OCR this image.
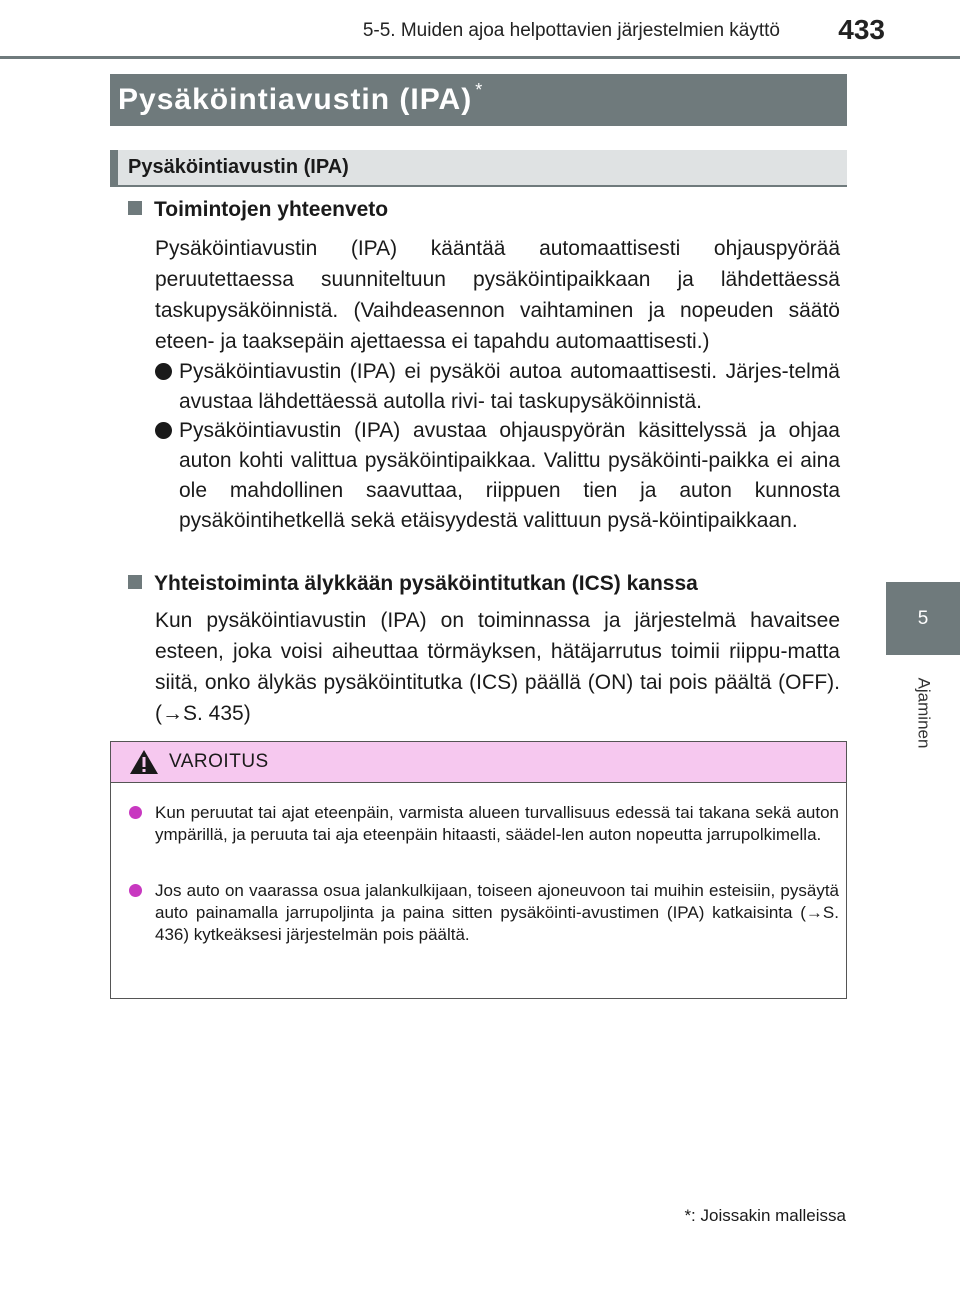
5-5. Muiden ajoa helpottavien järjestelmien käyttö	433
5
Ajaminen
Pysäköintiavustin (IPA) *
Pysäköintiavustin (IPA)
Toimintojen yhteenveto
Pysäköintiavustin (IPA) kääntää automaattisesti ohjauspyörää peruutettaessa suunniteltuun pysäköintipaikkaan ja lähdettäessä taskupysäköinnistä. (Vaihdeasennon vaihtaminen ja nopeuden säätö eteen- ja taaksepäin ajettaessa ei tapahdu automaattisesti.)
Pysäköintiavustin (IPA) ei pysäköi autoa automaattisesti. Järjes-telmä avustaa lähdettäessä autolla rivi- tai taskupysäköinnistä.
Pysäköintiavustin (IPA) avustaa ohjauspyörän käsittelyssä ja ohjaa auton kohti valittua pysäköintipaikkaa. Valittu pysäköinti-paikka ei aina ole mahdollinen saavuttaa, riippuen tien ja auton kunnosta pysäköintihetkellä sekä etäisyydestä valittuun pysä-köintipaikkaan.
Yhteistoiminta älykkään pysäköintitutkan (ICS) kanssa
Kun pysäköintiavustin (IPA) on toiminnassa ja järjestelmä havaitsee esteen, joka voisi aiheuttaa törmäyksen, hätäjarrutus toimii riippu-matta siitä, onko älykäs pysäköintitutka (ICS) päällä (ON) tai pois päältä (OFF). (→S. 435)
VAROITUS
Kun peruutat tai ajat eteenpäin, varmista alueen turvallisuus edessä tai takana sekä auton ympärillä, ja peruuta tai aja eteenpäin hitaasti, säädel-len auton nopeutta jarrupolkimella.
Jos auto on vaarassa osua jalankulkijaan, toiseen ajoneuvoon tai muihin esteisiin, pysäytä auto painamalla jarrupoljinta ja paina sitten pysäköinti-avustimen (IPA) katkaisinta (→S. 436) kytkeäksesi järjestelmän pois päältä.
*: Joissakin malleissa
